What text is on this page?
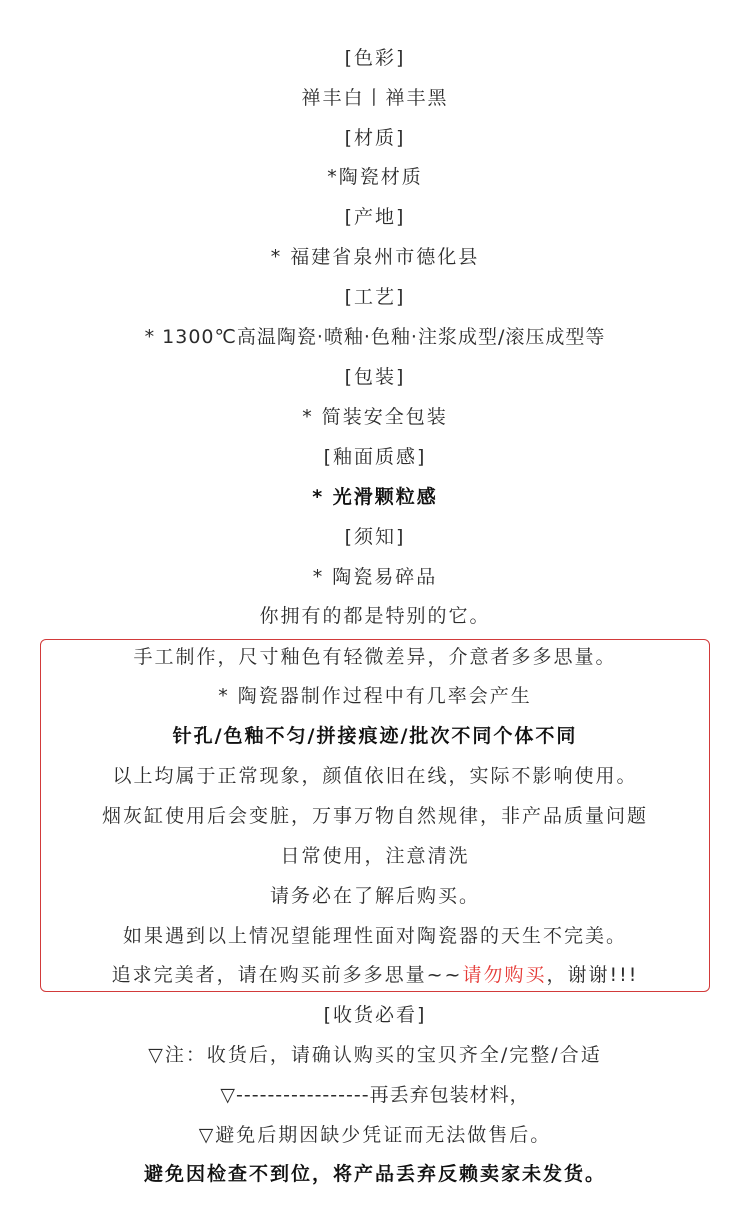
[色彩]
禅丰白丨禅丰黑
[材质]
*陶瓷材质
[产地]
* 福建省泉州市德化县
[工艺]
* 1300℃高温陶瓷·喷釉·色釉·注浆成型/滚压成型等
[包装]
* 简装安全包装
[釉面质感]
* 光滑颗粒感
[须知]
* 陶瓷易碎品
你拥有的都是特别的它。
手工制作，尺寸釉色有轻微差异，介意者多多思量。
* 陶瓷器制作过程中有几率会产生
针孔/色釉不匀/拼接痕迹/批次不同个体不同
以上均属于正常现象，颜值依旧在线，实际不影响使用。
烟灰缸使用后会变脏，万事万物自然规律，非产品质量问题
日常使用，注意清洗
请务必在了解后购买。
如果遇到以上情况望能理性面对陶瓷器的天生不完美。
追求完美者，请在购买前多多思量~~请勿购买，谢谢!!!
[收货必看]
▽注：收货后，请确认购买的宝贝齐全/完整/合适
▽-----------------再丢弃包装材料，
▽避免后期因缺少凭证而无法做售后。
避免因检查不到位，将产品丢弃反赖卖家未发货。
